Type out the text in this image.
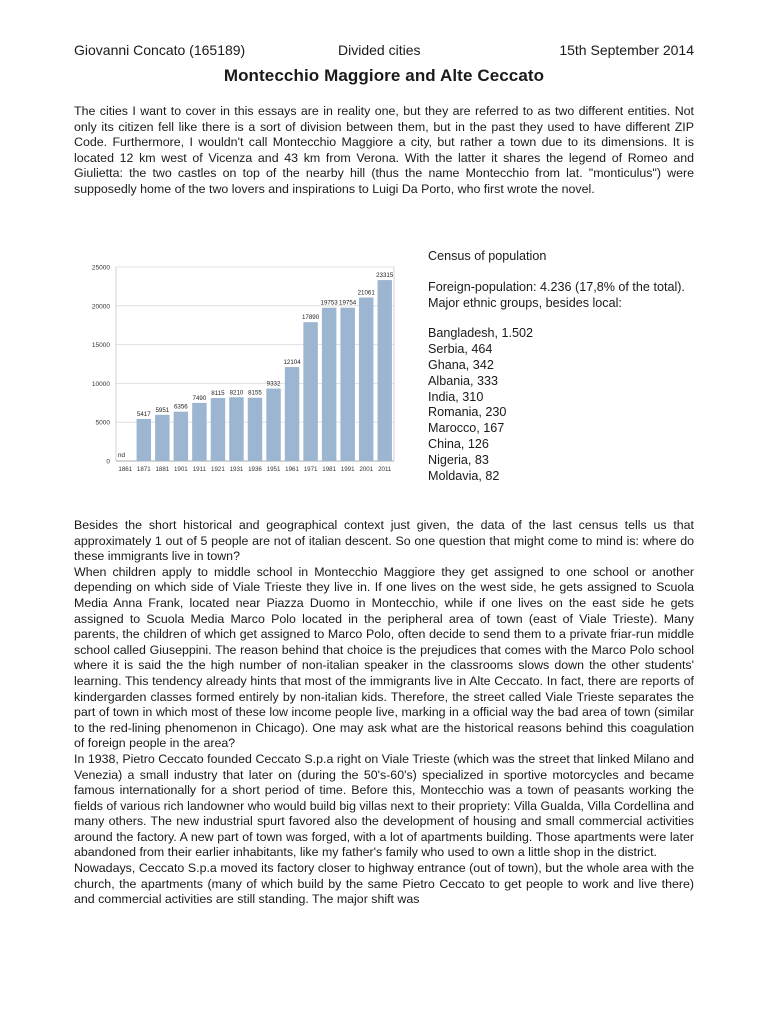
Giovanni Concato (165189)	Divided cities	15th September 2014
Montecchio Maggiore and Alte Ceccato

The cities I want to cover in this essays are in reality one, but they are referred to as two different entities. Not only its citizen fell like there is a sort of division between them, but in the past they used to have different ZIP Code. Furthermore, I wouldn't call Montecchio Maggiore a city, but rather a town due to its dimensions. It is located 12 km west of Vicenza and 43 km from Verona. With the latter it shares the legend of Romeo and Giulietta: the two castles on top of the nearby hill (thus the name Montecchio from lat. "monticulus") were supposedly home of the two lovers and inspirations to Luigi Da Porto, who first wrote the novel.

0
5000
10000
15000
20000
25000
nd
1861
5417
1871
5951
1881
6356
1901
7490
1911
8115
1921
8210
1931
8155
1936
9332
1951
12104
1961
17890
1971
19753
1981
19754
1991
21061
2001
23315
2011

Census of population

Foreign-population: 4.236 (17,8% of the total). Major ethnic groups, besides local:

Bangladesh, 1.502
Serbia, 464
Ghana, 342
Albania, 333
India, 310
Romania, 230
Marocco, 167
China, 126
Nigeria, 83
Moldavia, 82

Besides the short historical and geographical context just given, the data of the last census tells us that approximately 1 out of 5 people are not of italian descent. So one question that might come to mind is: where do these immigrants live in town?

When children apply to middle school in Montecchio Maggiore they get assigned to one school or another depending on which side of Viale Trieste they live in. If one lives on the west side, he gets assigned to Scuola Media Anna Frank, located near Piazza Duomo in Montecchio, while if one lives on the east side he gets assigned to Scuola Media Marco Polo located in the peripheral area of town (east of Viale Trieste). Many parents, the children of which get assigned to Marco Polo, often decide to send them to a private friar-run middle school called Giuseppini. The reason behind that choice is the prejudices that comes with the Marco Polo school where it is said the the high number of non-italian speaker in the classrooms slows down the other students' learning. This tendency already hints that most of the immigrants live in Alte Ceccato. In fact, there are reports of kindergarden classes formed entirely by non-italian kids. Therefore, the street called Viale Trieste separates the part of town in which most of these low income people live, marking in a official way the bad area of town (similar to the red-lining phenomenon in Chicago). One may ask what are the historical reasons behind this coagulation of foreign people in the area?

In 1938, Pietro Ceccato founded Ceccato S.p.a right on Viale Trieste (which was the street that linked Milano and Venezia) a small industry that later on (during the 50's-60's) specialized in sportive motorcycles and became famous internationally for a short period of time. Before this, Montecchio was a town of peasants working the fields of various rich landowner who would build big villas next to their propriety: Villa Gualda, Villa Cordellina and many others. The new industrial spurt favored also the development of housing and small commercial activities around the factory. A new part of town was forged, with a lot of apartments building. Those apartments were later abandoned from their earlier inhabitants, like my father's family who used to own a little shop in the district.

Nowadays, Ceccato S.p.a moved its factory closer to highway entrance (out of town), but the whole area with the church, the apartments (many of which build by the same Pietro Ceccato to get people to work and live there) and commercial activities are still standing. The major shift was
